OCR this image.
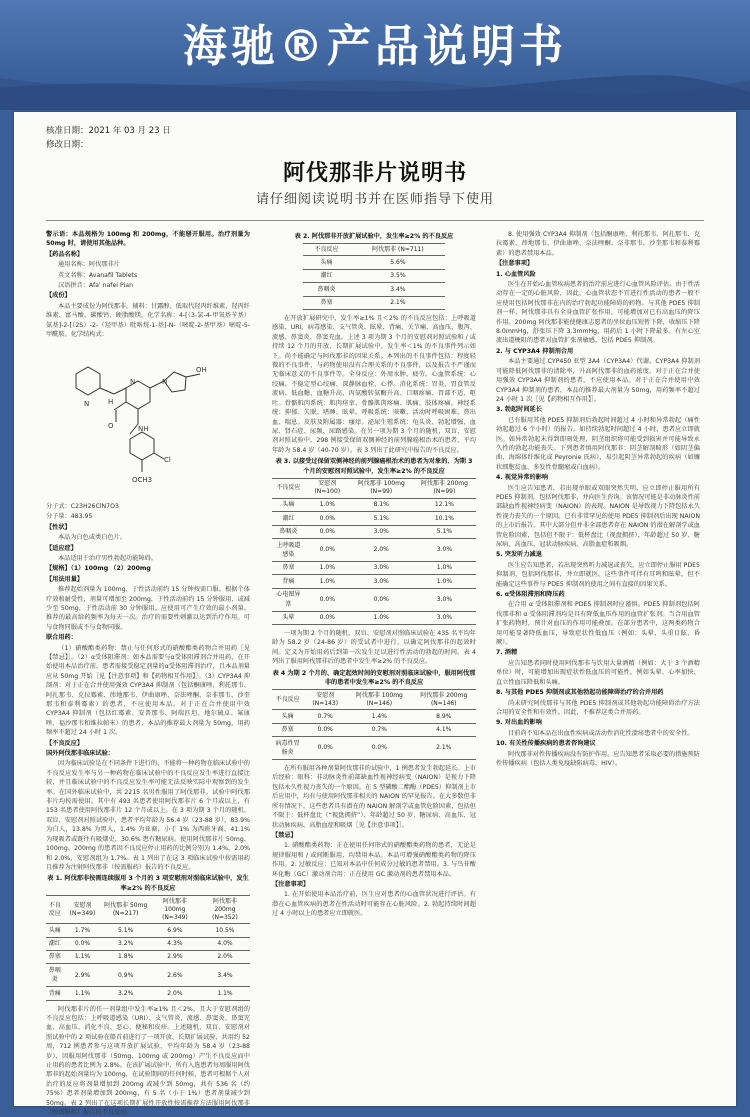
海驰®产品说明书
核准日期：2021 年 03 月 23 日
修改日期：
阿伐那非片说明书
请仔细阅读说明书并在医师指导下使用
警示语：本品规格为 100mg 和 200mg，不能掰开服用。治疗剂量为 50mg 时，请使用其他品种。
【药品名称】
通用名称：阿伐那非片
英文名称：Avanafil Tablets
汉语拼音：Afa' nafei Pian
【成份】
本品主要成份为阿伐那非。辅料：甘露醇、低取代羟丙纤维素、羟丙纤维素、富马酸、碳酸钙、硬脂酸镁。化学名称：4-[（3-氯-4-甲氧基苄基）氨基]-2-[（2S）-2-（羟甲基）吡咯烷-1-基]-N-（嘧啶-2-基甲基）嘧啶-5-甲酰胺。化学结构式：
N	H
N	N
OH
O	NH
Cl
OCH3
分子式：C23H26ClN7O3
分子量：483.95
【性状】
本品为白色或类白色片。
【适应症】
本品适用于治疗男性勃起功能障碍。
【规格】（1）100mg （2）200mg
【用法用量】
推荐起始剂量为 100mg，于性活动前约 15 分钟按需口服。根据个体疗效和耐受性，剂量可增加至 200mg，于性活动前约 15 分钟服用，或减少至 50mg，于性活动前 30 分钟服用。应使用可产生疗效的最小剂量。推荐的最高给药频率为每天一次。治疗的需要性刺激以达到治疗作用。可与食物同服或不与食物同服。
联合用药：
（1）硝酸酯类药物：禁止与任何形式的硝酸酯类药物合并用药［见【禁忌】］。（2）α受体阻滞剂：如本品需要与α受体阻滞剂合并用药，在开始使用本品治疗前，患者需接受稳定剂量的α受体阻滞剂治疗，且本品剂量应从 50mg 开始［见【注意事项】和【药物相互作用】］。（3）CYP3A4 抑制剂：对于正在合并使用强效 CYP3A4 抑制剂（包括酮康唑、利托那韦、阿扎那韦、克拉霉素、茚地那韦、伊曲康唑、奈法唑酮、奈非那韦、沙奎那韦和泰利霉素）的患者，不应使用本品。对于正在合并使用中效 CYP3A4 抑制剂（包括红霉素、安普那韦、阿瑞匹坦、地尔硫卓、氟康唑、福沙那韦和维拉帕米）的患者，本品的推荐最大剂量为 50mg，用药频率不超过 24 小时 1 次。
【不良反应】
国外阿伐那非临床试验：
因为临床试验是在不同条件下进行的，不能将一种药物在临床试验中的不良反应发生率与另一种药物在临床试验中的不良反应发生率进行直接比较，并且临床试验中的不良反应发生率可能无法反映实际中观察到的发生率。在国外临床试验中，共 2215 名男性服用了阿伐那非。试验中阿伐那非片均按需使用。其中有 493 名患者使用阿伐那非片 6 个月或以上，有 153 名患者使用阿伐那非片 12 个月或以上。在 3 项为期 3 个月的随机、双盲、安慰剂对照试验中，患者平均年龄为 56.4 岁（23-88 岁），83.9% 为白人，13.8% 为黑人，1.4% 为亚裔，小于 1% 为西班牙裔。41.1% 为现吸者或既往有吸烟史，30.6% 患有糖尿病。使用阿伐那非片 50mg、100mg、200mg 的患者因不良反应停止用药的比例分别为 1.4%、2.0% 和 2.0%，安慰剂组为 1.7%。表 1 列出了在这 3 项临床试验中按需用药且推荐为注射阿伐那非（按需服药）报告的不良反应。
表 1. 阿伐那非按需连续服用 3 个月的 3 项安慰剂对照临床试验中，发生率≥2% 的不良反应
不良反应	安慰剂 (N=349)	阿伐那非 50mg (N=217)	阿伐那非 100mg (N=349)	阿伐那非 200mg (N=352)
头痛	1.7%	5.1%	6.9%	10.5%
潮红	0.0%	3.2%	4.3%	4.0%
鼻塞	1.1%	1.8%	2.9%	2.0%
鼻咽炎	2.9%	0.9%	2.6%	3.4%
背痛	1.1%	3.2%	2.0%	1.1%
阿伐那非片的任一剂量组中发生率≥1% 且＜2%，且大于安慰剂组的不良反应包括：上呼吸道感染（URI）、支气管炎、流感、鼻窦炎、鼻窦充血、高血压、消化不良、恶心、便秘和皮疹。上述随机、双盲、安慰剂对照试验中的 2 项试验在船首前进行了一项开放、长期扩展试验，共用约 52 周，712 例患者参与这项开放扩展试验，平均年龄为 58.4 岁（23-88 岁），因服用阿伐那非（50mg、100mg 或 200mg）产生不良反应而中止用药的患者比例为 2.8%。在该扩展试验中，所有入选患者每周服用阿伐那非的起始剂量均为 100mg，在试验期间的任何时候，患者可根据个人对治疗的反应将剂量增加到 200mg 或减少到 50mg，共有 536 名（约 75%）患者剂量增加到 200mg，有 5 名（小于 1%）患者剂量减少到 50mg。表 2 列出了在这项长期扩展性开放性按需推荐方法服用阿伐那非（按需服药）报告的不良反应。
表 2. 阿伐那非开放扩展试验中，发生率≥2% 的不良反应
不良反应	阿伐那非 (N=711)
头痛	5.6%
潮红	3.5%
鼻咽炎	3.4%
鼻塞	2.1%
在开放扩展研究中，发生率≥1% 且＜2% 的不良反应包括：上呼吸道感染、URI、病毒感染、支气管炎、眩晕、背痛、关节痛、高血压、腹泻、流感、鼻窦炎、鼻窦充血。上述 3 项为期 3 个月的安慰剂对照试验和 / 或持续 12 个月的开放、长期扩展试验中，发生率＜1% 的不良事件列示如下。尚不能确定与阿伐那非的因果关系。本列出的不良事件包括：程度轻微的不良事件，与药物使用没有合理关系的不良事件，以及报告不严谨而无临床意义的不良事件等。全身反应：外周水肿、疲劳。心血管系统：心绞痛、不稳定型心绞痛、深静脉血栓、心悸。消化系统：胃炎、胃食管反流病、低血糖、血糖升高、丙氨酸转氨酶升高、口咽疼痛、胃部不适、呕吐。骨骼肌肉系统：肌肉痉挛、骨骼肌肉疼痛、肌痛、肢体疼痛。神经系统：抑郁、失眠、嗜睡、眩晕。呼吸系统：咳嗽、活动时呼吸困难、鼻出血、喘息。皮肤及附属器：瘙痒。泌尿生殖系统：龟头炎、勃起增强、血尿、肾石症、尿频、尿路感染。在另一项为期 3 个月的随机、双盲、安慰剂对照试验中，298 例接受保留双侧神经的前列腺癌根治术的患者，平均年龄为 58.4 岁（40-70 岁）。表 3 列出了此研究中报告的不良反应。
表 3. 以接受过保留双侧神经的前列腺癌根治术的患者为对象的、为期 3 个月的安慰剂对照试验中，发生率≥2% 的不良反应
不良反应	安慰剂 (N=100)	阿伐那非 100mg (N=99)	阿伐那非 200mg (N=99)
头痛	1.0%	8.1%	12.1%
潮红	0.0%	5.1%	10.1%
鼻咽炎	0.0%	3.0%	5.1%
上呼吸道感染	0.0%	2.0%	3.0%
鼻塞	1.0%	3.0%	1.0%
背痛	1.0%	3.0%	1.0%
心电图异常	0.0%	0.0%	3.0%
头晕	0.0%	1.0%	3.0%
一项为期 2 个月的随机、双盲、安慰剂对照临床试验在 435 名平均年龄为 58.2 岁（24-86 岁）的受试者中进行，以确定阿伐那非的起效时间。定义为开始用药后到第一次发生足以进行性活动的勃起的时间。表 4 列出了服用阿伐那非后的患者中发生率≥2% 的不良反应。
表 4 为期 2 个月的、确定起效时间的安慰剂对照临床试验中，服用阿伐那非的患者中发生率≥2% 的不良反应
不良反应	安慰剂 (N=143)	阿伐那非 100mg (N=146)	阿伐那非 200mg (N=146)
头痛	0.7%	1.4%	8.9%
鼻塞	0.0%	0.7%	4.1%
病毒性胃肠炎	0.0%	0.0%	2.1%
在所有服用各种剂量阿伐那非的试验中，1 例患者发生勃起延长。上市后经验：眼科：非动脉炎性前部缺血性视神经病变（NAION）是视力下降包括永久性视力丧失的一个原因。在 5 型磷酸二酯酶（PDE5）抑制剂上市后应用中，均有与使用阿伐那非相关的 NAION 的罕见报告。在大多数但非所有情况下，这些患者具有潜在的 NAION 解剖学或血管危险因素，包括但不限于：低杯盘比（“视盘拥挤”）、年龄超过 50 岁、糖尿病、高血压、冠状动脉疾病、高脂血症和吸烟［见【注意事项】］。
【禁忌】
1. 硝酸酯类药物：正在使用任何形式的硝酸酯类药物的患者，无论是规律服用和 / 或间断服用，均禁用本品。本品可增强硝酸酯类药物的降压作用。2. 过敏反应：已知对本品中任何成分过敏的患者禁用。3. 与鸟苷酸环化酶（GC）激动剂合用：正在使用 GC 激动剂的患者禁用本品。
【注意事项】
1. 在开始使用本品治疗前，医生应对患者的心血管状况进行评估。有潜在心血管疾病的患者在性活动时可能存在心脏风险。2. 勃起持续时间超过 4 小时以上的患者应立即就医。
8. 使用强效 CYP3A4 抑制剂（包括酮康唑、利托那韦、阿扎那韦、克拉霉素、茚地那韦、伊曲康唑、奈法唑酮、奈非那韦、沙奎那韦和泰利霉素）的患者禁用本品。
【注意事项】
1. 心血管风险
医生在开始心血管疾病患者的治疗前应进行心血管风险评估。由于性活动存在一定的心脏风险，因此，心血管状态不宜进行性活动的患者一般不应使用包括阿伐那非在内的治疗勃起功能障碍的药物。与其他 PDE5 抑制剂一样，阿伐那非具有全身血管扩张作用，可能增加对已有高血压的降压作用。200mg 阿伐那非能使健康志愿者的坐位血压短暂下降，收缩压下降 8.0mmHg，舒张压下降 3.3mmHg，用药后 1 小时下降最多。有左心室流出道梗阻的患者对血管扩张剂敏感，包括 PDE5 抑制剂。
2. 与 CYP3A4 抑制剂合用
本品主要通过 CYP450 亚型 3A4（CYP3A4）代谢。CYP3A4 抑制剂可能降低阿伐那非的清除率，升高阿伐那非的血药浓度。对于正在合并使用强效 CYP3A4 抑制剂的患者，不应使用本品。对于正在合并使用中效 CYP3A4 抑制剂的患者，本品的推荐最大剂量为 50mg，用药频率不超过 24 小时 1 次［见【药物相互作用】］。
3. 勃起时间延长
已有服用其他 PDE5 抑制剂后勃起时间超过 4 小时和异常勃起（痛性勃起超过 6 个小时）的报告。如持续勃起时间超过 4 小时，患者应立即就医。如异常勃起未得到即刻处理，阴茎组织将可能受到损害并可能导致永久性的勃起功能丧失。下列患者慎用阿伐那非：阴茎解剖畸形（如阴茎偏曲、海绵体纤维化或 Peyronie 氏病），易引起阴茎异常勃起的疾病（如镰状细胞贫血、多发性骨髓瘤或白血病）。
4. 视觉异常的影响
医生应告知患者，若出现单眼或双眼突然失明，应立即停止服用所有 PDE5 抑制剂，包括阿伐那非，并向医生咨询。该情况可能是非动脉炎性前部缺血性视神经病变（NAION）的表现。NAION 是导致视力下降包括永久性视力丧失的一个原因。已有非常罕见的使用 PDE5 抑制剂后出现 NAION 的上市后报告。其中大部分但并非全部患者存在 NAION 的潜在解剖学或血管危险因素，包括但不限于：低杯盘比（视盘拥挤）、年龄超过 50 岁、糖尿病、高血压、冠状动脉疾病、高脂血症和吸烟。
5. 突发听力减退
医生应告知患者，若出现突然听力减退或丧失，应立即停止服用 PDE5 抑制剂，包括阿伐那非，并立即就医。这些事件可伴有耳鸣和眩晕，但不能确定这些事件与 PDE5 抑制剂的使用之间有直接的因果关系。
6. α受体阻滞剂和降压药
在合用 α 受体阻滞剂和 PDE5 抑制剂时应谨慎。PDE5 抑制剂包括阿伐那非和 α 受体阻滞剂均是具有降低血压作用的血管扩张剂。当合用血管扩张药物时，预计对血压的作用可能叠加。在部分患者中，这两类药物合用可能显著降低血压，导致症状性低血压（例如：头晕、头重目眩、昏厥）。
7. 酒精
应告知患者同时使用阿伐那非与饮用大量酒精（例如：大于 3 个酒精单位）时，可能增加出现症状性低血压的可能性，例如头晕、心率加快、直立性血压降低和头痛。
8. 与其他 PDE5 抑制剂或其他勃起功能障碍治疗的合并用药
尚未研究阿伐那非与其他 PDE5 抑制剂或其他勃起功能障碍治疗方法合用的安全性和有效性。因此，不推荐这类合并用药。
9. 对出血的影响
目前尚不知本品在出血性疾病或活动性消化性溃疡患者中的安全性。
10. 有关性传播疾病的患者咨询建议
阿伐那非对性传播疾病没有防护作用。应告知患者采取必要的措施预防性传播疾病（包括人类免疫缺陷病毒，HIV）。
